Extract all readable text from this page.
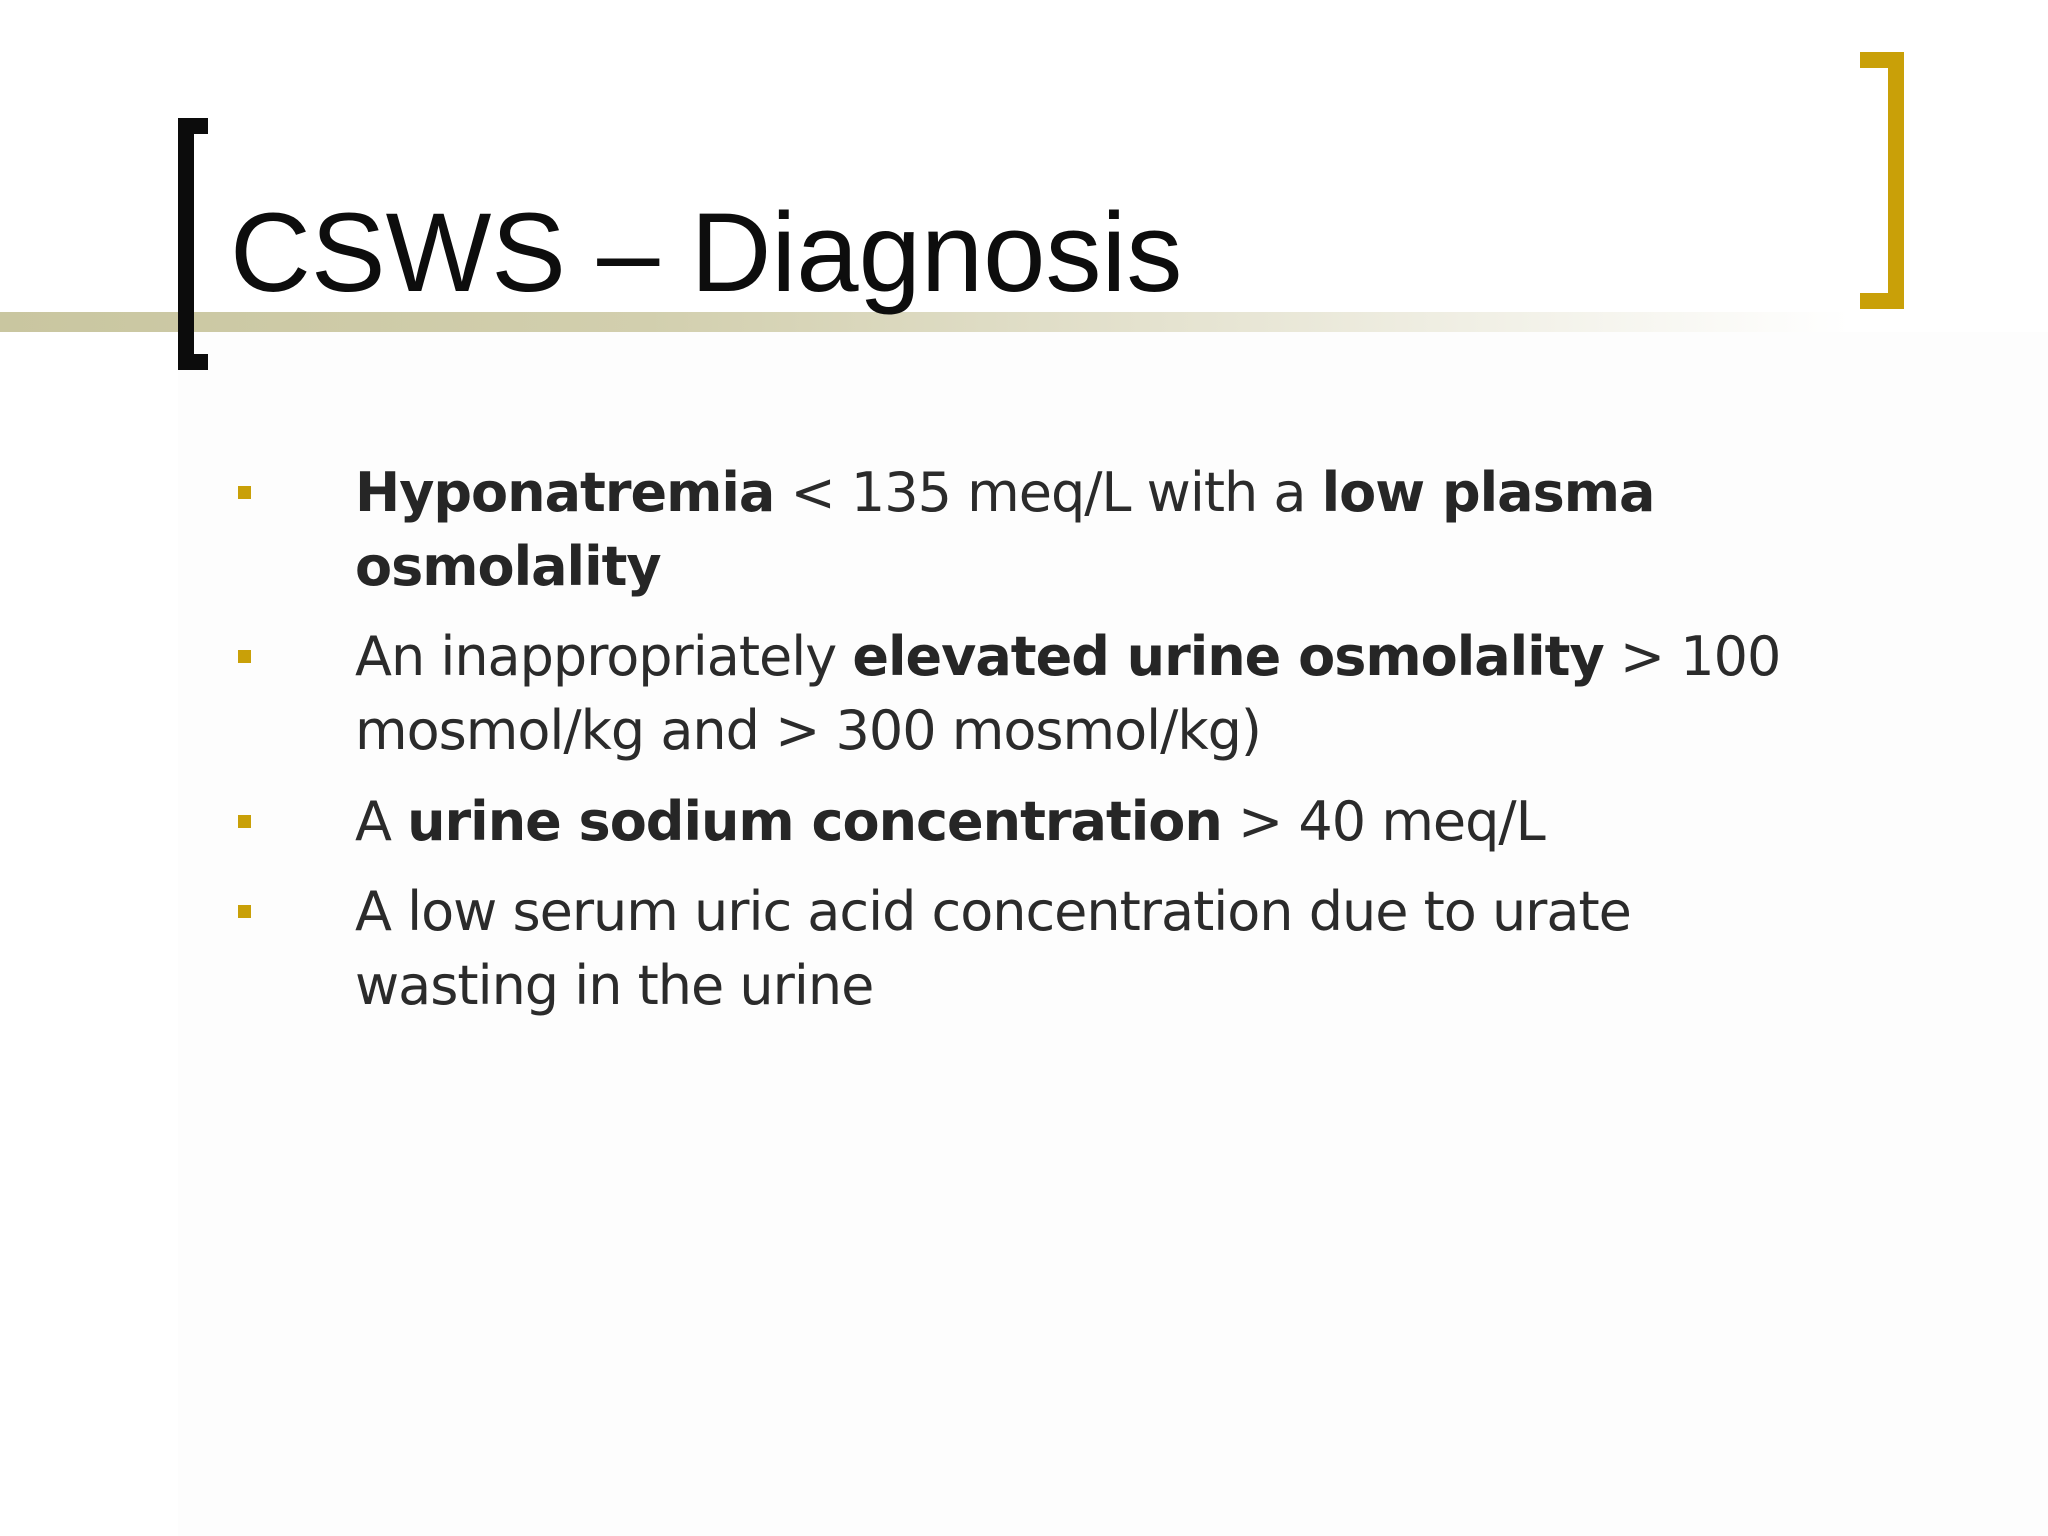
CSWS – Diagnosis

Hyponatremia < 135 meq/L with a low plasma osmolality

An inappropriately elevated urine osmolality > 100 mosmol/kg and > 300 mosmol/kg)

A urine sodium concentration > 40 meq/L

A low serum uric acid concentration due to urate wasting in the urine
